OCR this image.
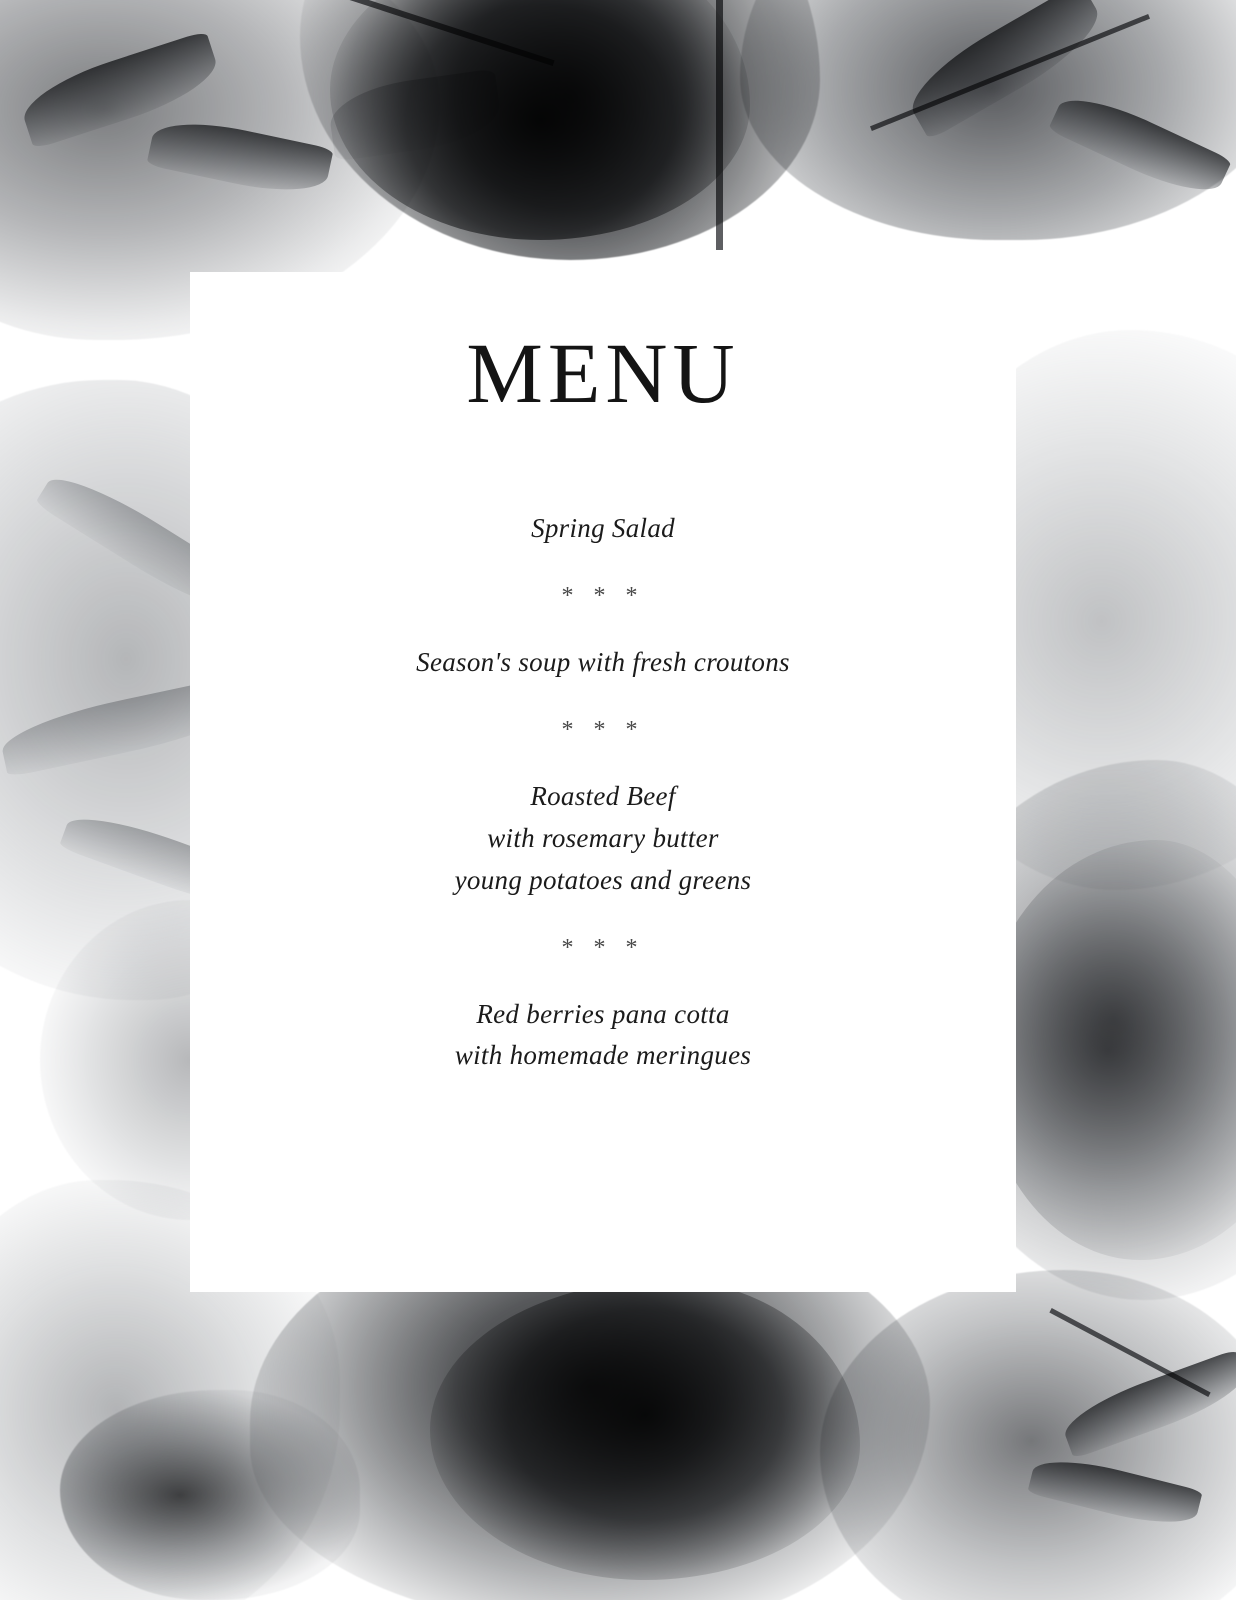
MENU
Spring Salad
* * *
Season's soup with fresh croutons
* * *
Roasted Beef
with rosemary butter
young potatoes and greens
* * *
Red berries pana cotta
with homemade meringues
